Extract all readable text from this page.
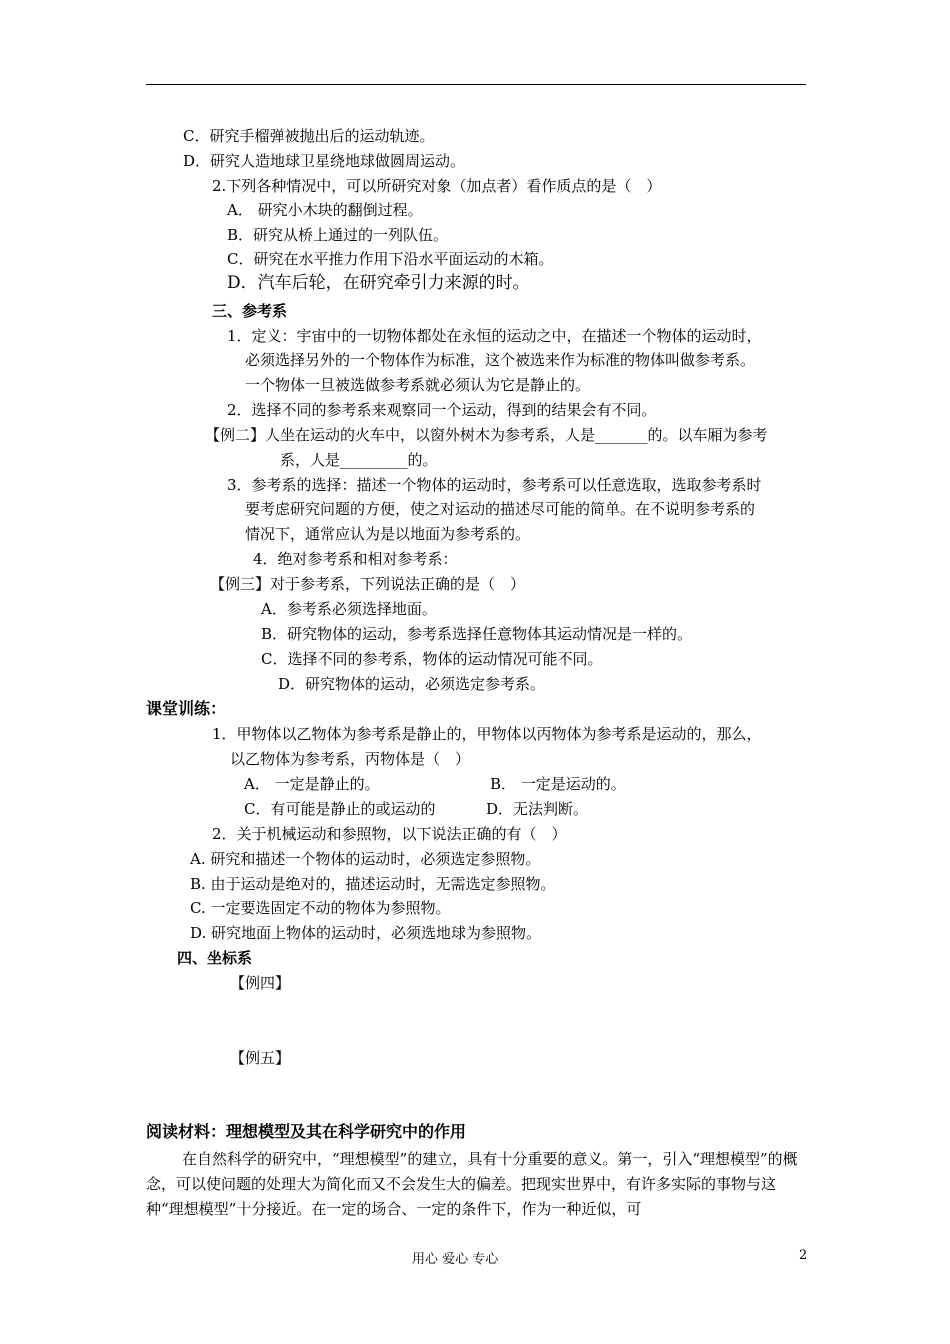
C．研究手榴弹被抛出后的运动轨迹。
D．研究人造地球卫星绕地球做圆周运动。
2.下列各种情况中，可以所研究对象（加点者）看作质点的是（　）
A． 研究小木块的翻倒过程。
B．研究从桥上通过的一列队伍。
C．研究在水平推力作用下沿水平面运动的木箱。
D．汽车后轮，在研究牵引力来源的时。
三、参考系
1．定义：宇宙中的一切物体都处在永恒的运动之中，在描述一个物体的运动时，
必须选择另外的一个物体作为标准，这个被选来作为标准的物体叫做参考系。
一个物体一旦被选做参考系就必须认为它是静止的。
2．选择不同的参考系来观察同一个运动，得到的结果会有不同。
【例二】人坐在运动的火车中，以窗外树木为参考系，人是_______的。以车厢为参考
系，人是_________的。
3．参考系的选择：描述一个物体的运动时，参考系可以任意选取，选取参考系时
要考虑研究问题的方便，使之对运动的描述尽可能的简单。在不说明参考系的
情况下，通常应认为是以地面为参考系的。
4．绝对参考系和相对参考系：
【例三】对于参考系，下列说法正确的是（　）
A．参考系必须选择地面。
B．研究物体的运动，参考系选择任意物体其运动情况是一样的。
C．选择不同的参考系，物体的运动情况可能不同。
D．研究物体的运动，必须选定参考系。
课堂训练：
1．甲物体以乙物体为参考系是静止的，甲物体以丙物体为参考系是运动的，那么，
以乙物体为参考系，丙物体是（　）
A． 一定是静止的。	B． 一定是运动的。
C．有可能是静止的或运动的	D．无法判断。
2．关于机械运动和参照物，以下说法正确的有（　）
A. 研究和描述一个物体的运动时，必须选定参照物。
B. 由于运动是绝对的，描述运动时，无需选定参照物。
C. 一定要选固定不动的物体为参照物。
D. 研究地面上物体的运动时，必须选地球为参照物。
四、坐标系
【例四】
【例五】
阅读材料：理想模型及其在科学研究中的作用
在自然科学的研究中，“理想模型”的建立，具有十分重要的意义。第一，引入“理想模型”的概念，可以使问题的处理大为简化而又不会发生大的偏差。把现实世界中，有许多实际的事物与这种“理想模型”十分接近。在一定的场合、一定的条件下，作为一种近似，可
用心 爱心 专心	2
